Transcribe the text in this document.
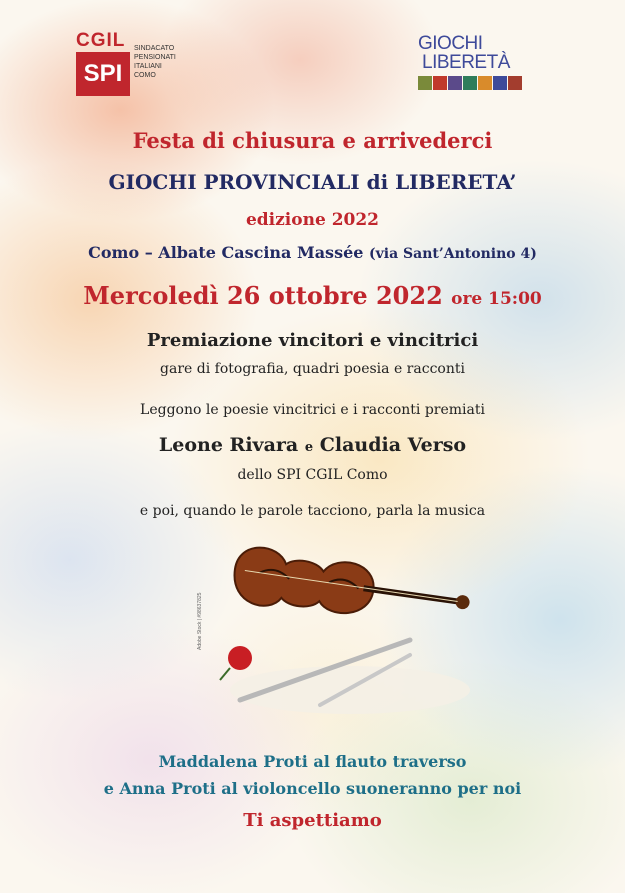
CGIL
SPI
SINDACATO
PENSIONATI
ITALIANI
COMO
GIOCHI
LIBERETÀ
Festa di chiusura e arrivederci
GIOCHI PROVINCIALI di LIBERETA’
edizione 2022
Como – Albate Cascina Massée (via Sant’Antonino 4)
Mercoledì 26 ottobre 2022 ore 15:00
Premiazione vincitori e vincitrici
gare di fotografia, quadri poesia e racconti
Leggono le poesie vincitrici e i racconti premiati
Leone Rivara e Claudia Verso
dello SPI CGIL Como
e poi, quando le parole tacciono, parla la musica
Adobe Stock | #98637825
Maddalena Proti al flauto traverso
e Anna Proti al violoncello suoneranno per noi
Ti aspettiamo
